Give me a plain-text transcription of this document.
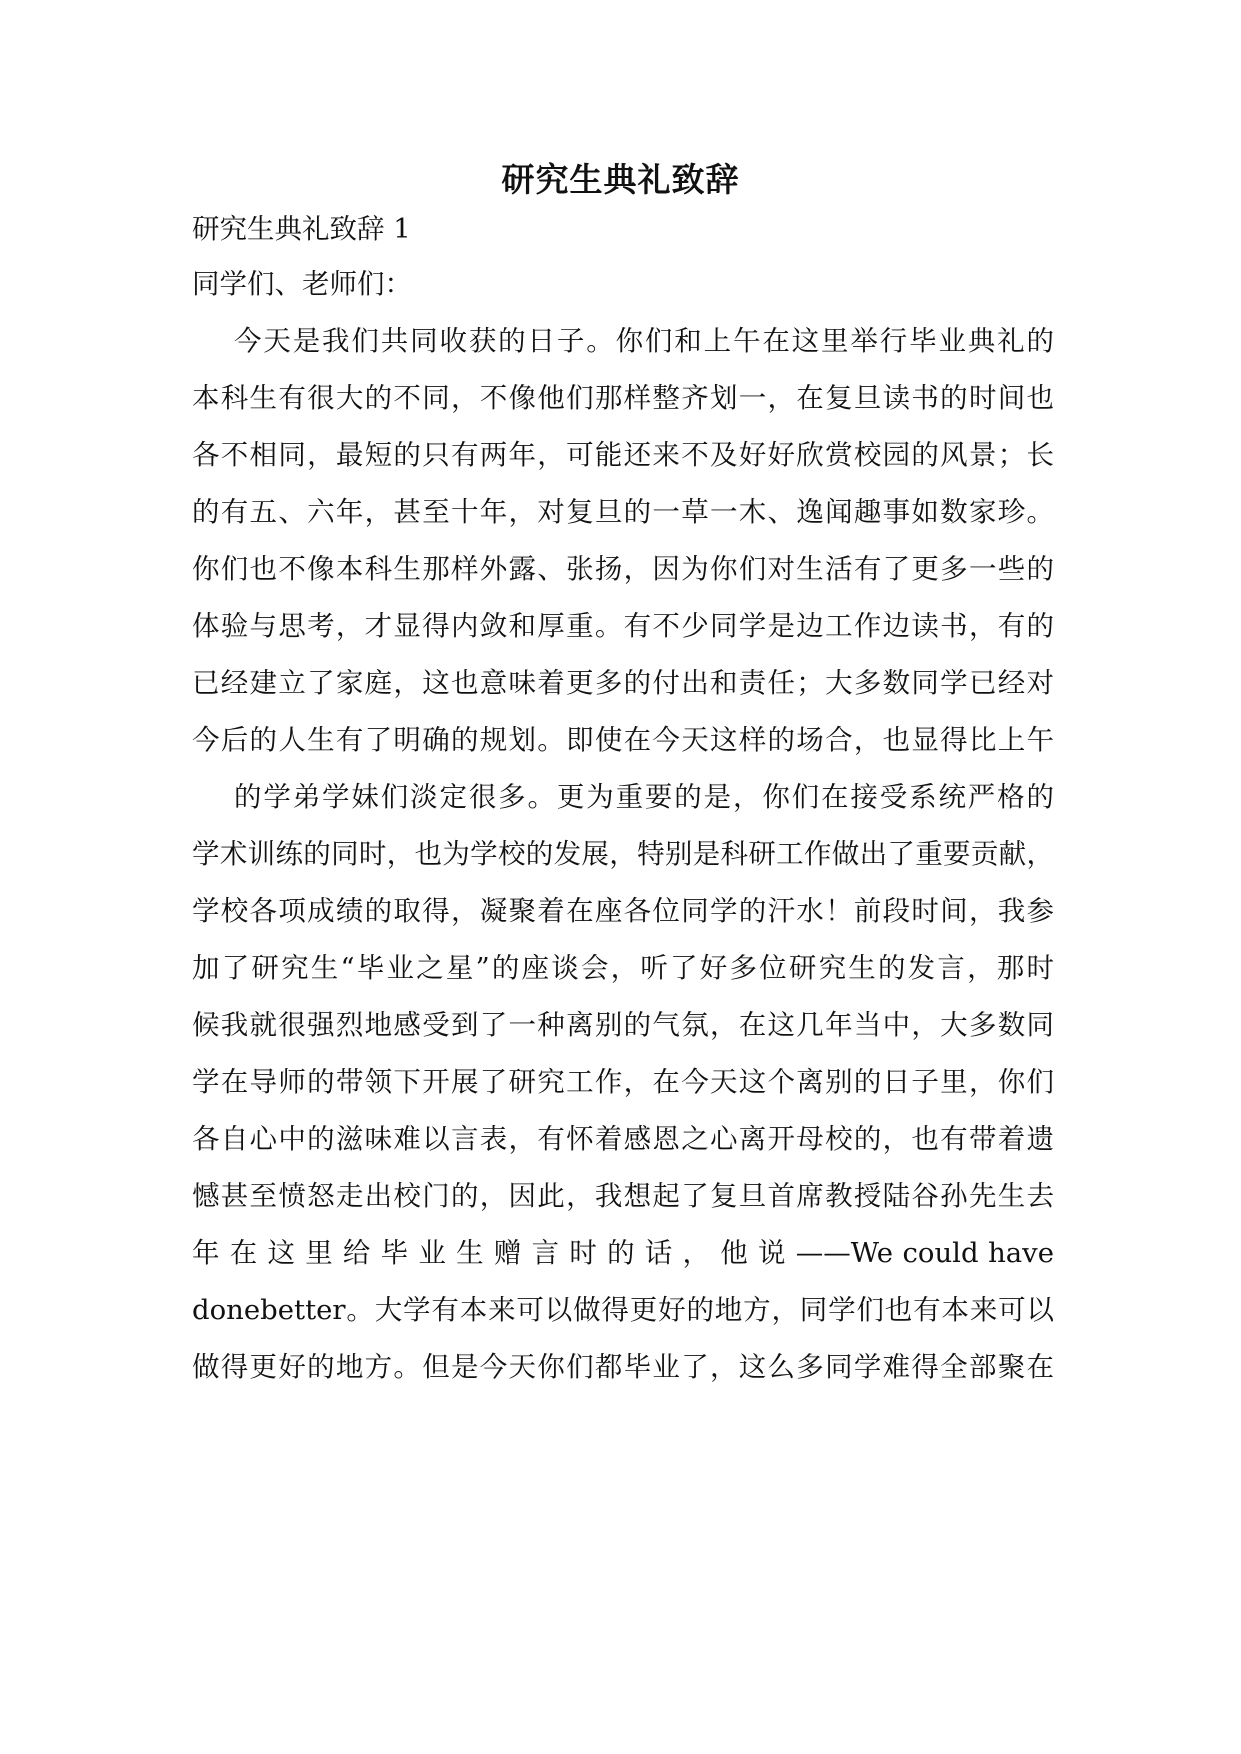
研究生典礼致辞
研究生典礼致辞 1
同学们、老师们：
今天是我们共同收获的日子。你们和上午在这里举行毕业典礼的
本科生有很大的不同，不像他们那样整齐划一，在复旦读书的时间也
各不相同，最短的只有两年，可能还来不及好好欣赏校园的风景；长
的有五、六年，甚至十年，对复旦的一草一木、逸闻趣事如数家珍。
你们也不像本科生那样外露、张扬，因为你们对生活有了更多一些的
体验与思考，才显得内敛和厚重。有不少同学是边工作边读书，有的
已经建立了家庭，这也意味着更多的付出和责任；大多数同学已经对
今后的人生有了明确的规划。即使在今天这样的场合，也显得比上午
的学弟学妹们淡定很多。更为重要的是，你们在接受系统严格的
学术训练的同时，也为学校的发展，特别是科研工作做出了重要贡献，
学校各项成绩的取得，凝聚着在座各位同学的汗水！前段时间，我参
加了研究生“毕业之星”的座谈会，听了好多位研究生的发言，那时
候我就很强烈地感受到了一种离别的气氛，在这几年当中，大多数同
学在导师的带领下开展了研究工作，在今天这个离别的日子里，你们
各自心中的滋味难以言表，有怀着感恩之心离开母校的，也有带着遗
憾甚至愤怒走出校门的，因此，我想起了复旦首席教授陆谷孙先生去
年 在 这 里 给 毕 业 生 赠 言 时 的 话 ， 他 说 ——We could have
donebetter。大学有本来可以做得更好的地方，同学们也有本来可以
做得更好的地方。但是今天你们都毕业了，这么多同学难得全部聚在
